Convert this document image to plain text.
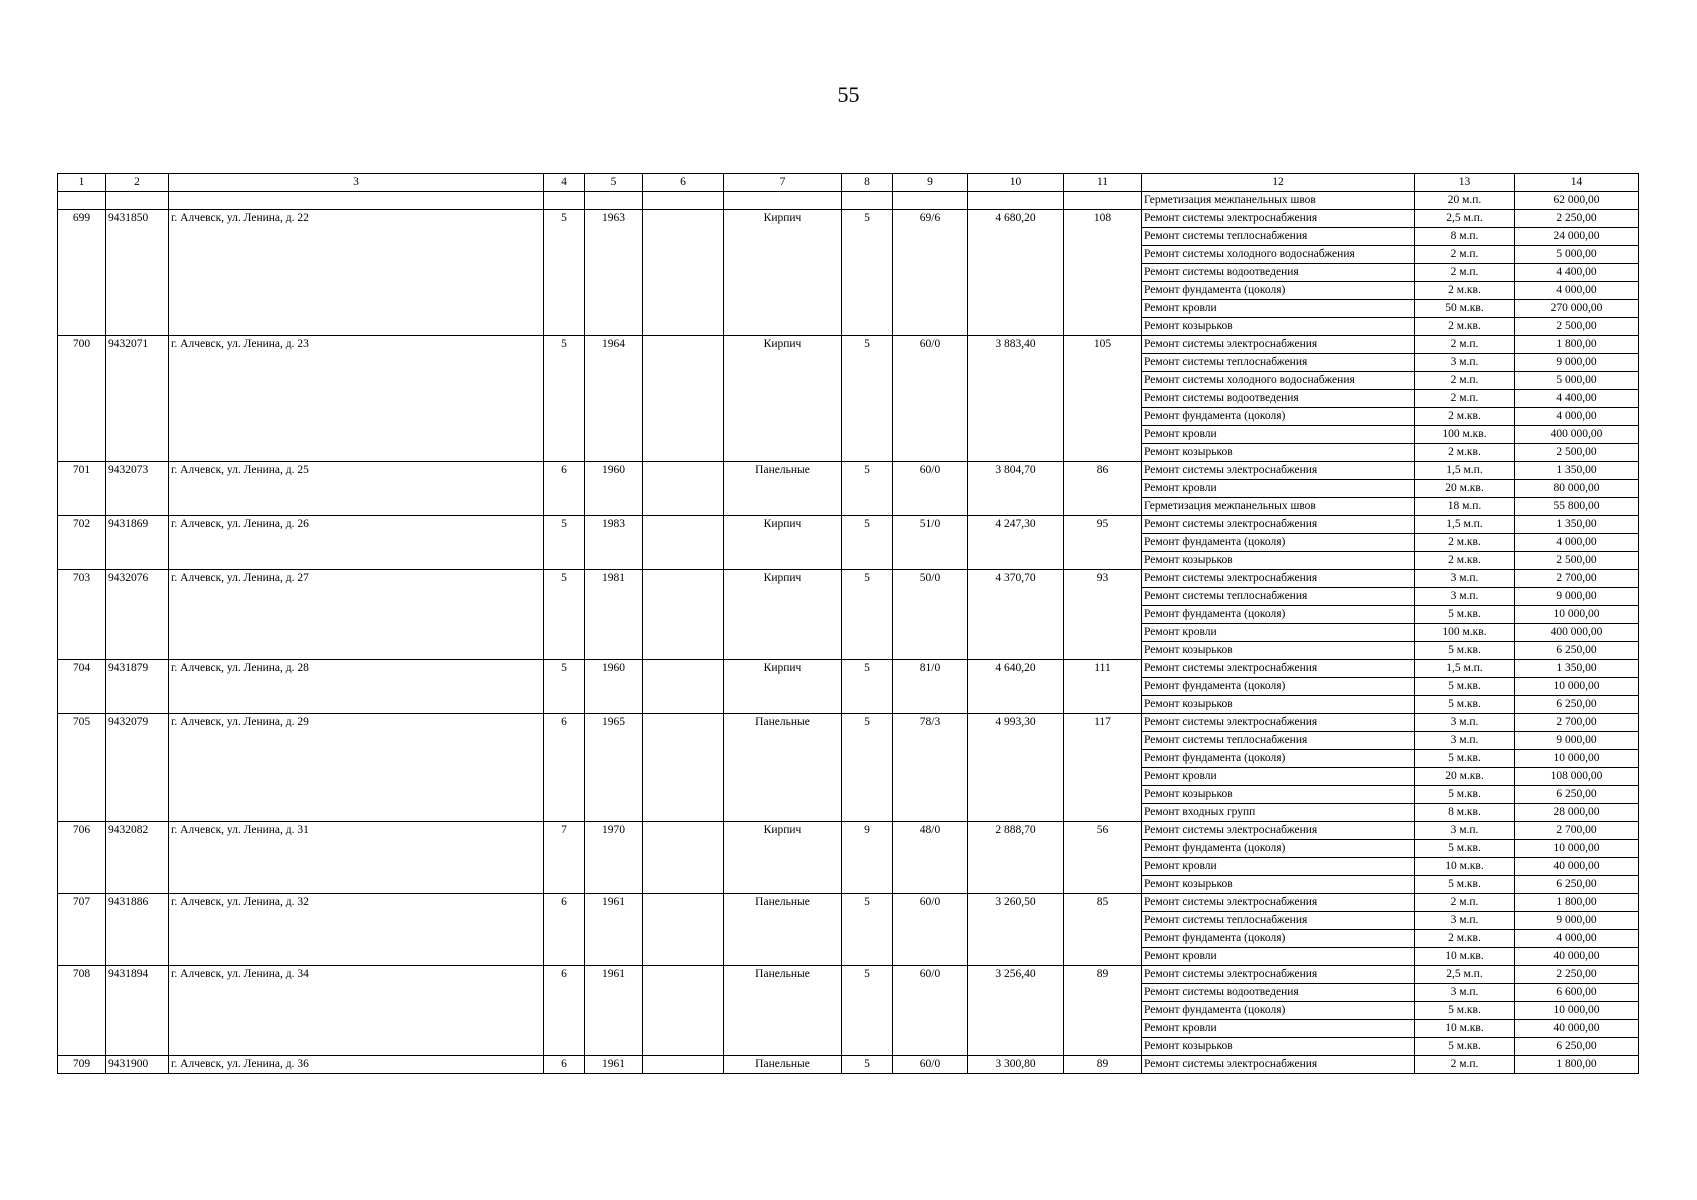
55
1	2	3	4	5	6	7	8	9	10	11	12	13	14
											Герметизация межпанельных швов	20 м.п.	62 000,00
699	9431850	г. Алчевск, ул. Ленина, д. 22	5	1963		Кирпич	5	69/6	4 680,20	108	Ремонт системы электроснабжения	2,5 м.п.	2 250,00
											Ремонт системы теплоснабжения	8 м.п.	24 000,00
											Ремонт системы холодного водоснабжения	2 м.п.	5 000,00
											Ремонт системы водоотведения	2 м.п.	4 400,00
											Ремонт фундамента (цоколя)	2 м.кв.	4 000,00
											Ремонт кровли	50 м.кв.	270 000,00
											Ремонт козырьков	2 м.кв.	2 500,00
700	9432071	г. Алчевск, ул. Ленина, д. 23	5	1964		Кирпич	5	60/0	3 883,40	105	Ремонт системы электроснабжения	2 м.п.	1 800,00
											Ремонт системы теплоснабжения	3 м.п.	9 000,00
											Ремонт системы холодного водоснабжения	2 м.п.	5 000,00
											Ремонт системы водоотведения	2 м.п.	4 400,00
											Ремонт фундамента (цоколя)	2 м.кв.	4 000,00
											Ремонт кровли	100 м.кв.	400 000,00
											Ремонт козырьков	2 м.кв.	2 500,00
701	9432073	г. Алчевск, ул. Ленина, д. 25	6	1960		Панельные	5	60/0	3 804,70	86	Ремонт системы электроснабжения	1,5 м.п.	1 350,00
											Ремонт кровли	20 м.кв.	80 000,00
											Герметизация межпанельных швов	18 м.п.	55 800,00
702	9431869	г. Алчевск, ул. Ленина, д. 26	5	1983		Кирпич	5	51/0	4 247,30	95	Ремонт системы электроснабжения	1,5 м.п.	1 350,00
											Ремонт фундамента (цоколя)	2 м.кв.	4 000,00
											Ремонт козырьков	2 м.кв.	2 500,00
703	9432076	г. Алчевск, ул. Ленина, д. 27	5	1981		Кирпич	5	50/0	4 370,70	93	Ремонт системы электроснабжения	3 м.п.	2 700,00
											Ремонт системы теплоснабжения	3 м.п.	9 000,00
											Ремонт фундамента (цоколя)	5 м.кв.	10 000,00
											Ремонт кровли	100 м.кв.	400 000,00
											Ремонт козырьков	5 м.кв.	6 250,00
704	9431879	г. Алчевск, ул. Ленина, д. 28	5	1960		Кирпич	5	81/0	4 640,20	111	Ремонт системы электроснабжения	1,5 м.п.	1 350,00
											Ремонт фундамента (цоколя)	5 м.кв.	10 000,00
											Ремонт козырьков	5 м.кв.	6 250,00
705	9432079	г. Алчевск, ул. Ленина, д. 29	6	1965		Панельные	5	78/3	4 993,30	117	Ремонт системы электроснабжения	3 м.п.	2 700,00
											Ремонт системы теплоснабжения	3 м.п.	9 000,00
											Ремонт фундамента (цоколя)	5 м.кв.	10 000,00
											Ремонт кровли	20 м.кв.	108 000,00
											Ремонт козырьков	5 м.кв.	6 250,00
											Ремонт входных групп	8 м.кв.	28 000,00
706	9432082	г. Алчевск, ул. Ленина, д. 31	7	1970		Кирпич	9	48/0	2 888,70	56	Ремонт системы электроснабжения	3 м.п.	2 700,00
											Ремонт фундамента (цоколя)	5 м.кв.	10 000,00
											Ремонт кровли	10 м.кв.	40 000,00
											Ремонт козырьков	5 м.кв.	6 250,00
707	9431886	г. Алчевск, ул. Ленина, д. 32	6	1961		Панельные	5	60/0	3 260,50	85	Ремонт системы электроснабжения	2 м.п.	1 800,00
											Ремонт системы теплоснабжения	3 м.п.	9 000,00
											Ремонт фундамента (цоколя)	2 м.кв.	4 000,00
											Ремонт кровли	10 м.кв.	40 000,00
708	9431894	г. Алчевск, ул. Ленина, д. 34	6	1961		Панельные	5	60/0	3 256,40	89	Ремонт системы электроснабжения	2,5 м.п.	2 250,00
											Ремонт системы водоотведения	3 м.п.	6 600,00
											Ремонт фундамента (цоколя)	5 м.кв.	10 000,00
											Ремонт кровли	10 м.кв.	40 000,00
											Ремонт козырьков	5 м.кв.	6 250,00
709	9431900	г. Алчевск, ул. Ленина, д. 36	6	1961		Панельные	5	60/0	3 300,80	89	Ремонт системы электроснабжения	2 м.п.	1 800,00
